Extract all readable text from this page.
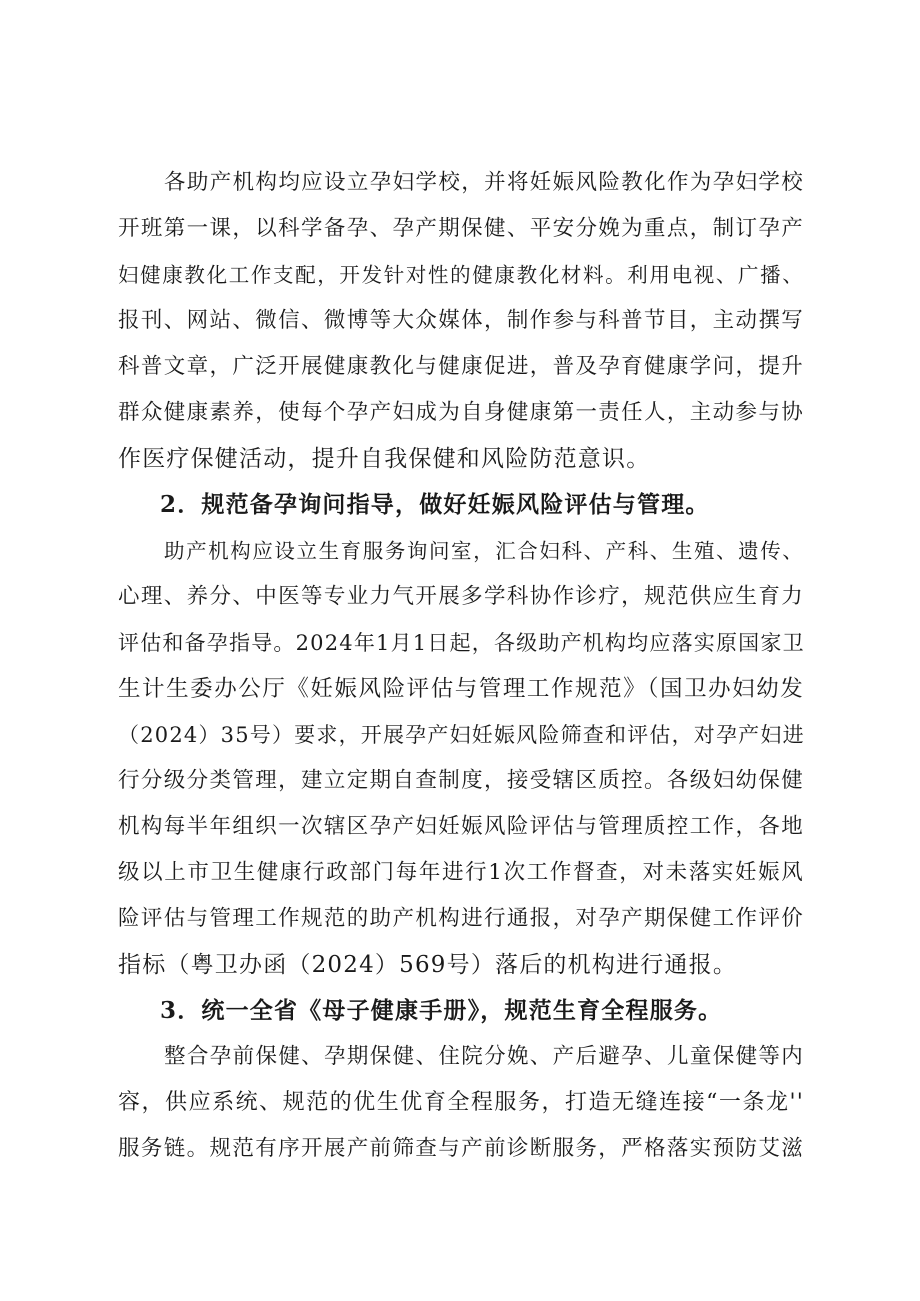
各助产机构均应设立孕妇学校，并将妊娠风险教化作为孕妇学校
开班第一课，以科学备孕、孕产期保健、平安分娩为重点，制订孕产
妇健康教化工作支配，开发针对性的健康教化材料。利用电视、广播、
报刊、网站、微信、微博等大众媒体，制作参与科普节目，主动撰写
科普文章，广泛开展健康教化与健康促进，普及孕育健康学问，提升
群众健康素养，使每个孕产妇成为自身健康第一责任人，主动参与协
作医疗保健活动，提升自我保健和风险防范意识。
2．规范备孕询问指导，做好妊娠风险评估与管理。
助产机构应设立生育服务询问室，汇合妇科、产科、生殖、遗传、
心理、养分、中医等专业力气开展多学科协作诊疗，规范供应生育力
评估和备孕指导。2024年1月1日起，各级助产机构均应落实原国家卫
生计生委办公厅《妊娠风险评估与管理工作规范》（国卫办妇幼发
（2024）35号）要求，开展孕产妇妊娠风险筛查和评估，对孕产妇进
行分级分类管理，建立定期自查制度，接受辖区质控。各级妇幼保健
机构每半年组织一次辖区孕产妇妊娠风险评估与管理质控工作，各地
级以上市卫生健康行政部门每年进行1次工作督查，对未落实妊娠风
险评估与管理工作规范的助产机构进行通报，对孕产期保健工作评价
指标（粤卫办函（2024）569号）落后的机构进行通报。
3．统一全省《母子健康手册》，规范生育全程服务。
整合孕前保健、孕期保健、住院分娩、产后避孕、儿童保健等内
容，供应系统、规范的优生优育全程服务，打造无缝连接“一条龙''
服务链。规范有序开展产前筛查与产前诊断服务，严格落实预防艾滋
